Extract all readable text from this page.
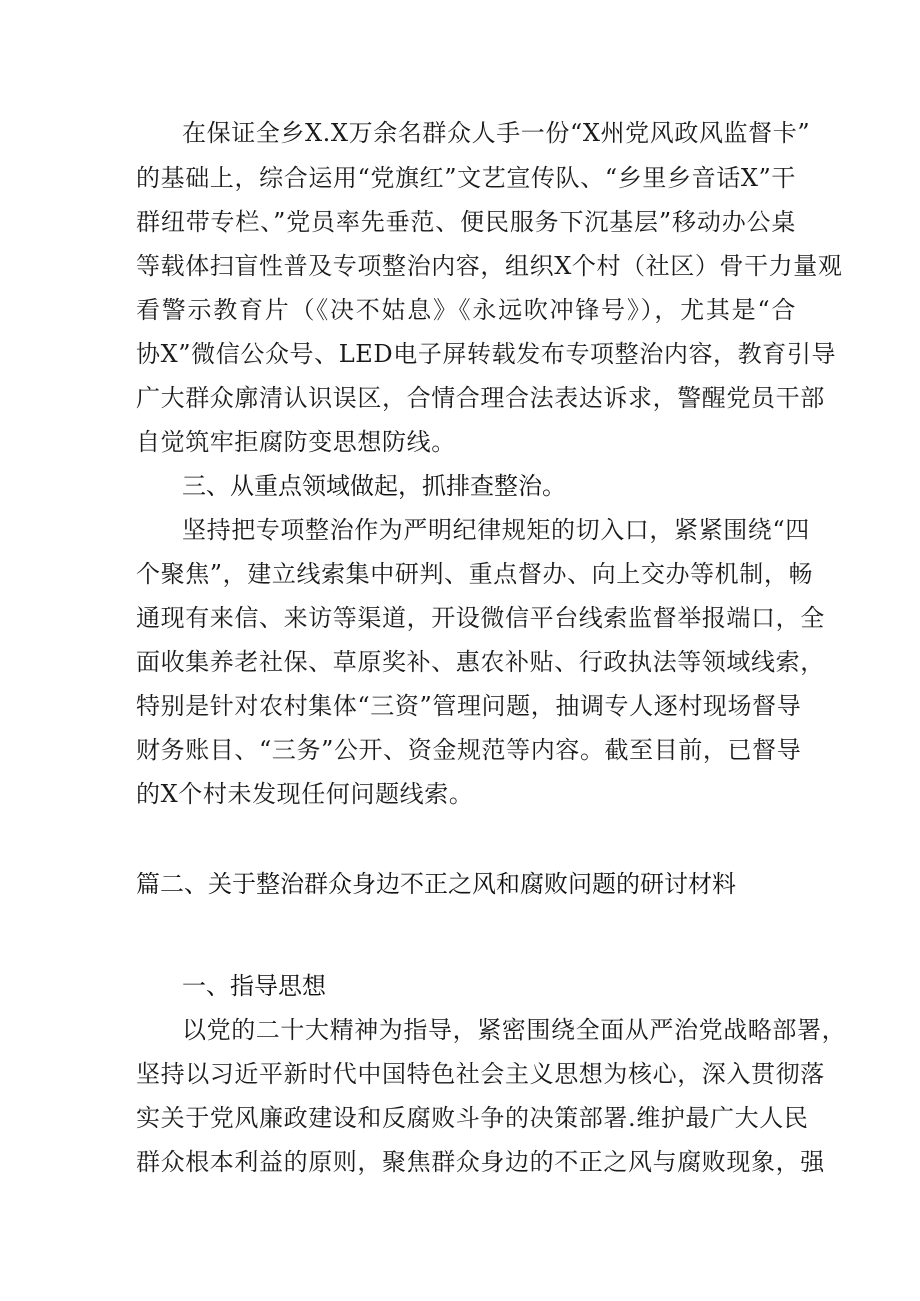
在保证全乡X.X万余名群众人手一份“X州党风政风监督卡”
的基础上，综合运用“党旗红”文艺宣传队、“乡里乡音话X”干
群纽带专栏、”党员率先垂范、便民服务下沉基层”移动办公桌
等载体扫盲性普及专项整治内容，组织X个村（社区）骨干力量观
看警示教育片（《决不姑息》《永远吹冲锋号》），尤其是“合
协X”微信公众号、LED电子屏转载发布专项整治内容，教育引导
广大群众廓清认识误区，合情合理合法表达诉求，警醒党员干部
自觉筑牢拒腐防变思想防线。
三、从重点领域做起，抓排查整治。
坚持把专项整治作为严明纪律规矩的切入口，紧紧围绕“四
个聚焦”，建立线索集中研判、重点督办、向上交办等机制，畅
通现有来信、来访等渠道，开设微信平台线索监督举报端口，全
面收集养老社保、草原奖补、惠农补贴、行政执法等领域线索，
特别是针对农村集体“三资”管理问题，抽调专人逐村现场督导
财务账目、“三务”公开、资金规范等内容。截至目前，已督导
的X个村未发现任何问题线索。
篇二、关于整治群众身边不正之风和腐败问题的研讨材料
一、指导思想
以党的二十大精神为指导，紧密围绕全面从严治党战略部署，
坚持以习近平新时代中国特色社会主义思想为核心，深入贯彻落
实关于党风廉政建设和反腐败斗争的决策部署.维护最广大人民
群众根本利益的原则，聚焦群众身边的不正之风与腐败现象，强
